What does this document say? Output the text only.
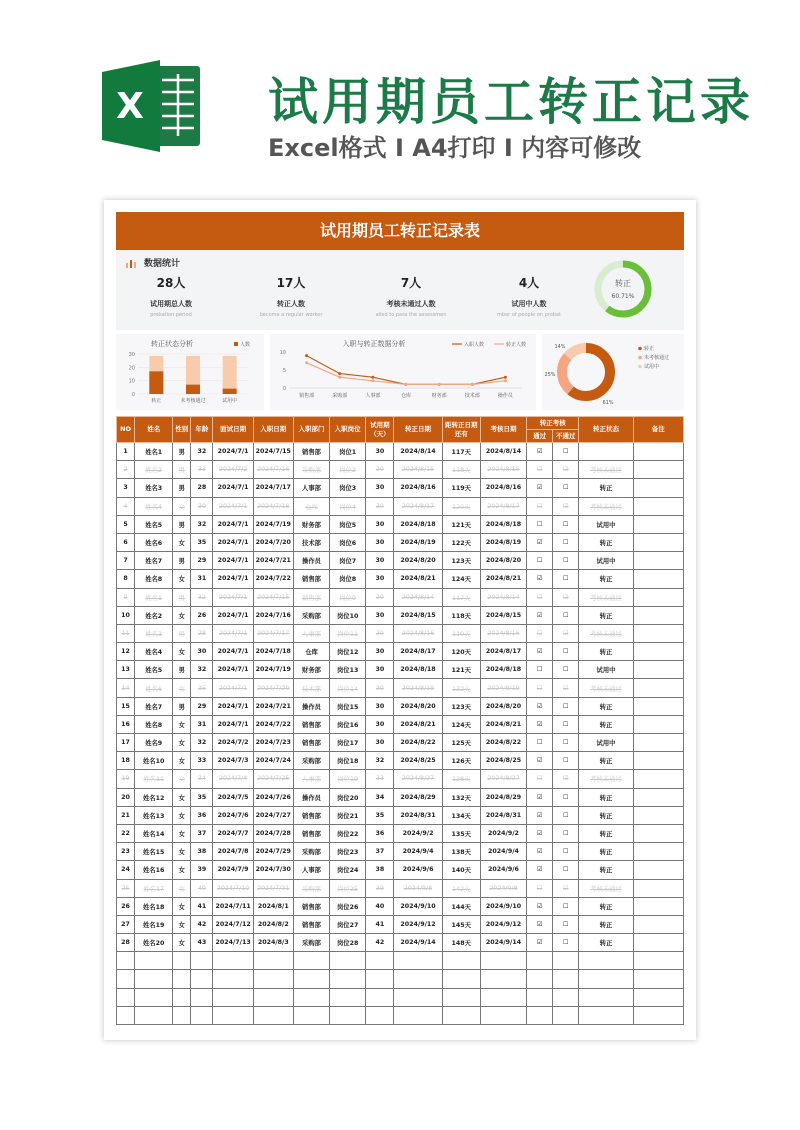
X 试用期员工转正记录
Excel格式 I A4打印 I 内容可修改
试用期员工转正记录表
数据统计
28人
试用期总人数
probation period
17人
转正人数
become a regular worker
7人
考核未通过人数
ailed to pass the assessmen
4人
试用中人数
mber of people on probat
转正
60.71%
转正状态分析	人数
30
20
10
0
转正	未考核通过	试用中
入职与转正数据分析	入职人数	转正人数
10
5
0
销售部	采购部	人事部	仓库	财务部	技术部	操作员
61%
25%
14%	转正
未考核通过
试用中
NO	姓名	性别	年龄	面试日期	入职日期	入职部门	入职岗位	试用期（天）	转正日期	距转正日期还有	考核日期	转正考核		转正状态	备注
												通过	不通过		
1	姓名1	男	32	2024/7/1	2024/7/15	销售部	岗位1	30	2024/8/14	117天	2024/8/14	☑	☐		
2	姓名2	男	33	2024/7/2	2024/7/16	采购部	岗位2	30	2024/8/15	118天	2024/8/15	☐	☑	考核未通过	
3	姓名3	男	28	2024/7/1	2024/7/17	人事部	岗位3	30	2024/8/16	119天	2024/8/16	☑	☐	转正	
4	姓名4	女	30	2024/7/1	2024/7/18	仓库	岗位4	30	2024/8/17	120天	2024/8/17	☐	☑	考核未通过	
5	姓名5	男	32	2024/7/1	2024/7/19	财务部	岗位5	30	2024/8/18	121天	2024/8/18	☐	☐	试用中	
6	姓名6	女	35	2024/7/1	2024/7/20	技术部	岗位6	30	2024/8/19	122天	2024/8/19	☑	☐	转正	
7	姓名7	男	29	2024/7/1	2024/7/21	操作员	岗位7	30	2024/8/20	123天	2024/8/20	☐	☐	试用中	
8	姓名8	女	31	2024/7/1	2024/7/22	销售部	岗位8	30	2024/8/21	124天	2024/8/21	☑	☐	转正	
9	姓名1	男	32	2024/7/1	2024/7/15	销售部	岗位9	30	2024/8/14	117天	2024/8/14	☐	☑	考核未通过	
10	姓名2	女	26	2024/7/1	2024/7/16	采购部	岗位10	30	2024/8/15	118天	2024/8/15	☑	☐	转正	
11	姓名3	男	28	2024/7/1	2024/7/17	人事部	岗位11	30	2024/8/16	119天	2024/8/16	☐	☑	考核未通过	
12	姓名4	女	30	2024/7/1	2024/7/18	仓库	岗位12	30	2024/8/17	120天	2024/8/17	☑	☐	转正	
13	姓名5	男	32	2024/7/1	2024/7/19	财务部	岗位13	30	2024/8/18	121天	2024/8/18	☐	☐	试用中	
14	姓名6	女	35	2024/7/1	2024/7/20	技术部	岗位14	30	2024/8/19	122天	2024/8/19	☐	☑	考核未通过	
15	姓名7	男	29	2024/7/1	2024/7/21	操作员	岗位15	30	2024/8/20	123天	2024/8/20	☑	☐	转正	
16	姓名8	女	31	2024/7/1	2024/7/22	销售部	岗位16	30	2024/8/21	124天	2024/8/21	☑	☐	转正	
17	姓名9	女	32	2024/7/2	2024/7/23	销售部	岗位17	30	2024/8/22	125天	2024/8/22	☐	☐	试用中	
18	姓名10	女	33	2024/7/3	2024/7/24	采购部	岗位18	32	2024/8/25	126天	2024/8/25	☑	☐	转正	
19	姓名11	女	34	2024/7/4	2024/7/25	人事部	岗位19	33	2024/8/27	128天	2024/8/27	☐	☑	考核未通过	
20	姓名12	女	35	2024/7/5	2024/7/26	操作员	岗位20	34	2024/8/29	132天	2024/8/29	☑	☐	转正	
21	姓名13	女	36	2024/7/6	2024/7/27	销售部	岗位21	35	2024/8/31	134天	2024/8/31	☑	☐	转正	
22	姓名14	女	37	2024/7/7	2024/7/28	销售部	岗位22	36	2024/9/2	135天	2024/9/2	☑	☐	转正	
23	姓名15	女	38	2024/7/8	2024/7/29	采购部	岗位23	37	2024/9/4	138天	2024/9/4	☑	☐	转正	
24	姓名16	女	39	2024/7/9	2024/7/30	人事部	岗位24	38	2024/9/6	140天	2024/9/6	☑	☐	转正	
25	姓名17	女	40	2024/7/10	2024/7/31	采购部	岗位25	39	2024/9/8	142天	2024/9/8	☐	☑	考核未通过	
26	姓名18	女	41	2024/7/11	2024/8/1	销售部	岗位26	40	2024/9/10	144天	2024/9/10	☑	☐	转正	
27	姓名19	女	42	2024/7/12	2024/8/2	销售部	岗位27	41	2024/9/12	145天	2024/9/12	☑	☐	转正	
28	姓名20	女	43	2024/7/13	2024/8/3	采购部	岗位28	42	2024/9/14	148天	2024/9/14	☑	☐	转正	
